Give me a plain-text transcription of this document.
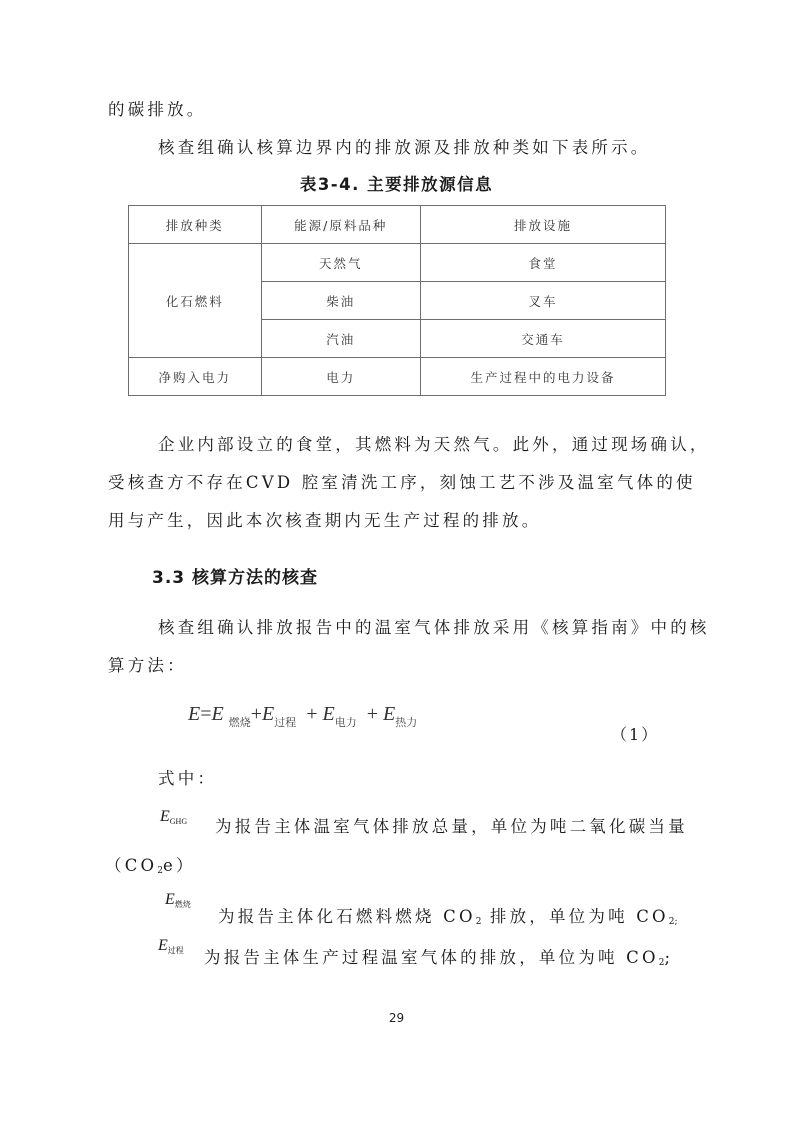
的碳排放。
核查组确认核算边界内的排放源及排放种类如下表所示。
表3-4. 主要排放源信息
排放种类	能源/原料品种	排放设施
化石燃料	天然气	食堂
	柴油	叉车
	汽油	交通车
净购入电力	电力	生产过程中的电力设备
企业内部设立的食堂，其燃料为天然气。此外，通过现场确认，
受核查方不存在CVD 腔室清洗工序，刻蚀工艺不涉及温室气体的使
用与产生，因此本次核查期内无生产过程的排放。
3.3 核算方法的核查
核查组确认排放报告中的温室气体排放采用《核算指南》中的核
算方法：
E=E $_{燃烧}+E_{过程} + E_{电力} + E_{热力}$
（1）
式中：
$E_{GHG}$ 为报告主体温室气体排放总量，单位为吨二氧化碳当量
$(CO_2e)$
$E_{燃烧}$
为报告主体化石燃料燃烧 $CO_2$ 排放，单位为吨 $CO_{2;}$
$E_{过程}$ 为报告主体生产过程温室气体的排放，单位为吨 $CO_2$;
29
